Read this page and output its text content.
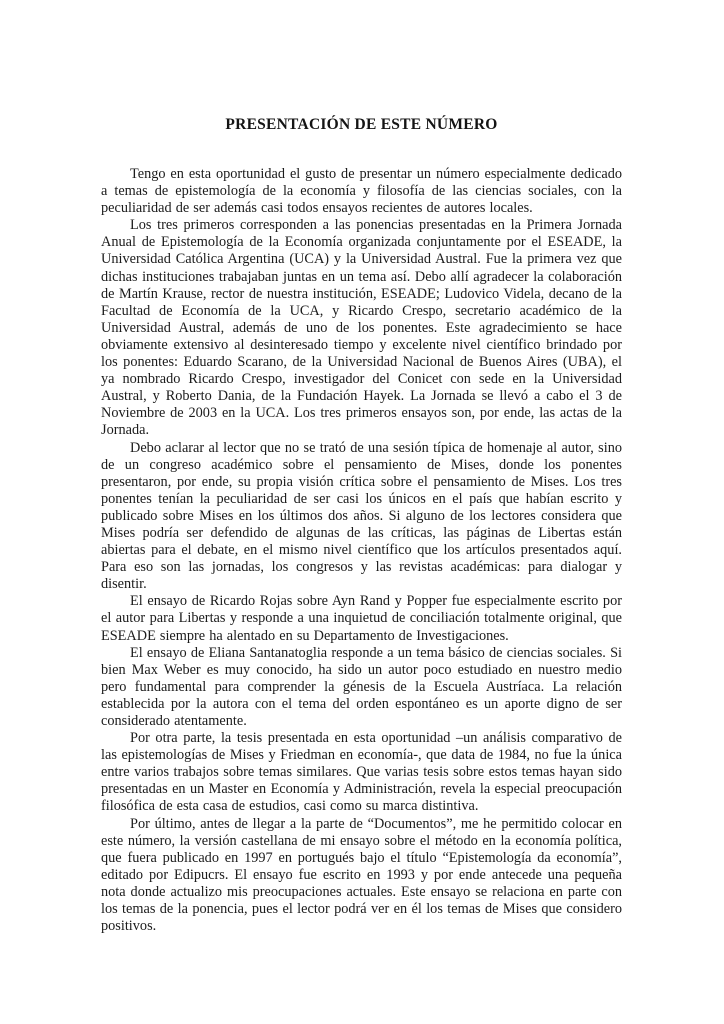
PRESENTACIÓN DE ESTE NÚMERO

Tengo en esta oportunidad el gusto de presentar un número especialmente dedicado a temas de epistemología de la economía y filosofía de las ciencias sociales, con la peculiaridad de ser además casi todos ensayos recientes de autores locales.

Los tres primeros corresponden a las ponencias presentadas en la Primera Jornada Anual de Epistemología de la Economía organizada conjuntamente por el ESEADE, la Universidad Católica Argentina (UCA) y la Universidad Austral. Fue la primera vez que dichas instituciones trabajaban juntas en un tema así. Debo allí agradecer la colaboración de Martín Krause, rector de nuestra institución, ESEADE; Ludovico Videla, decano de la Facultad de Economía de la UCA, y Ricardo Crespo, secretario académico de la Universidad Austral, además de uno de los ponentes. Este agradecimiento se hace obviamente extensivo al desinteresado tiempo y excelente nivel científico brindado por los ponentes: Eduardo Scarano, de la Universidad Nacional de Buenos Aires (UBA), el ya nombrado Ricardo Crespo, investigador del Conicet con sede en la Universidad Austral, y Roberto Dania, de la Fundación Hayek. La Jornada se llevó a cabo el 3 de Noviembre de 2003 en la UCA. Los tres primeros ensayos son, por ende, las actas de la Jornada.

Debo aclarar al lector que no se trató de una sesión típica de homenaje al autor, sino de un congreso académico sobre el pensamiento de Mises, donde los ponentes presentaron, por ende, su propia visión crítica sobre el pensamiento de Mises. Los tres ponentes tenían la peculiaridad de ser casi los únicos en el país que habían escrito y publicado sobre Mises en los últimos dos años. Si alguno de los lectores considera que Mises podría ser defendido de algunas de las críticas, las páginas de Libertas están abiertas para el debate, en el mismo nivel científico que los artículos presentados aquí. Para eso son las jornadas, los congresos y las revistas académicas: para dialogar y disentir.

El ensayo de Ricardo Rojas sobre Ayn Rand y Popper fue especialmente escrito por el autor para Libertas y responde a una inquietud de conciliación totalmente original, que ESEADE siempre ha alentado en su Departamento de Investigaciones.

El ensayo de Eliana Santanatoglia responde a un tema básico de ciencias sociales. Si bien Max Weber es muy conocido, ha sido un autor poco estudiado en nuestro medio pero fundamental para comprender la génesis de la Escuela Austríaca. La relación establecida por la autora con el tema del orden espontáneo es un aporte digno de ser considerado atentamente.

Por otra parte, la tesis presentada en esta oportunidad –un análisis comparativo de las epistemologías de Mises y Friedman en economía-, que data de 1984, no fue la única entre varios trabajos sobre temas similares. Que varias tesis sobre estos temas hayan sido presentadas en un Master en Economía y Administración, revela la especial preocupación filosófica de esta casa de estudios, casi como su marca distintiva.

Por último, antes de llegar a la parte de “Documentos”, me he permitido colocar en este número, la versión castellana de mi ensayo sobre el método en la economía política, que fuera publicado en 1997 en portugués bajo el título “Epistemología da economía”, editado por Edipucrs. El ensayo fue escrito en 1993 y por ende antecede una pequeña nota donde actualizo mis preocupaciones actuales. Este ensayo se relaciona en parte con los temas de la ponencia, pues el lector podrá ver en él los temas de Mises que considero positivos.
